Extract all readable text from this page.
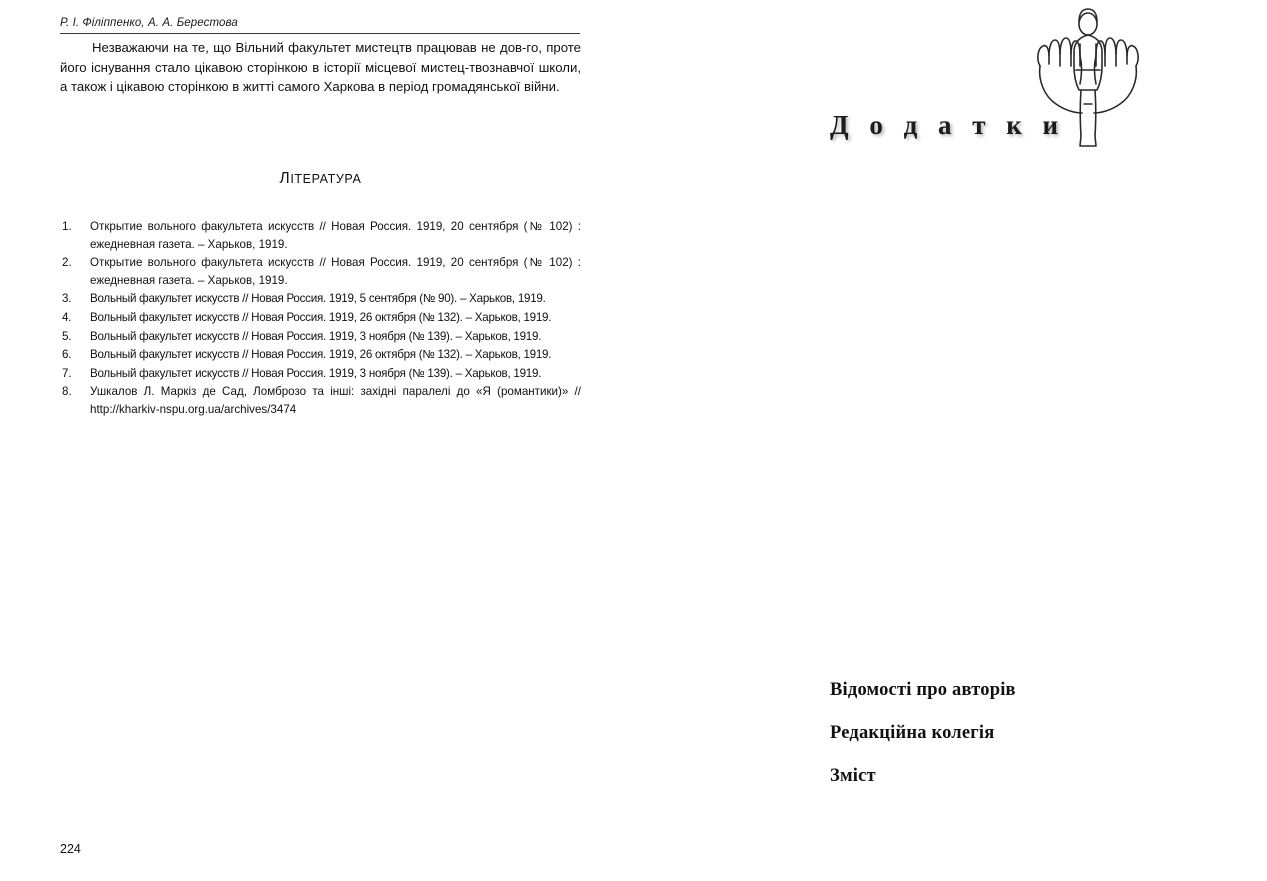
Р. І. Філіппенко, А. А. Берестова
Незважаючи на те, що Вільний факультет мистецтв працював не дов-го, проте його існування стало цікавою сторінкою в історії місцевої мистец-твознавчої школи, а також і цікавою сторінкою в житті самого Харкова в період громадянської війни.
ЛІТЕРАТУРА
1.	Открытие вольного факультета искусств // Новая Россия. 1919, 20 сентября (№ 102) : ежедневная газета. – Харьков, 1919.
2.	Открытие вольного факультета искусств // Новая Россия. 1919, 20 сентября (№ 102) : ежедневная газета. – Харьков, 1919.
3.	Вольный факультет искусств // Новая Россия. 1919, 5 сентября (№ 90). – Харьков, 1919.
4.	Вольный факультет искусств // Новая Россия. 1919, 26 октября (№ 132). – Харьков, 1919.
5.	Вольный факультет искусств // Новая Россия. 1919, 3 ноября (№ 139). – Харьков, 1919.
6.	Вольный факультет искусств // Новая Россия. 1919, 26 октября (№ 132). – Харьков, 1919.
7.	Вольный факультет искусств // Новая Россия. 1919, 3 ноября (№ 139). – Харьков, 1919.
8.	Ушкалов Л. Маркіз де Сад, Ломброзо та інші: західні паралелі до «Я (романтики)» // http://kharkiv-nspu.org.ua/archives/3474
224
Д о д а т к и
Відомості про авторів
Редакційна колегія
Зміст
